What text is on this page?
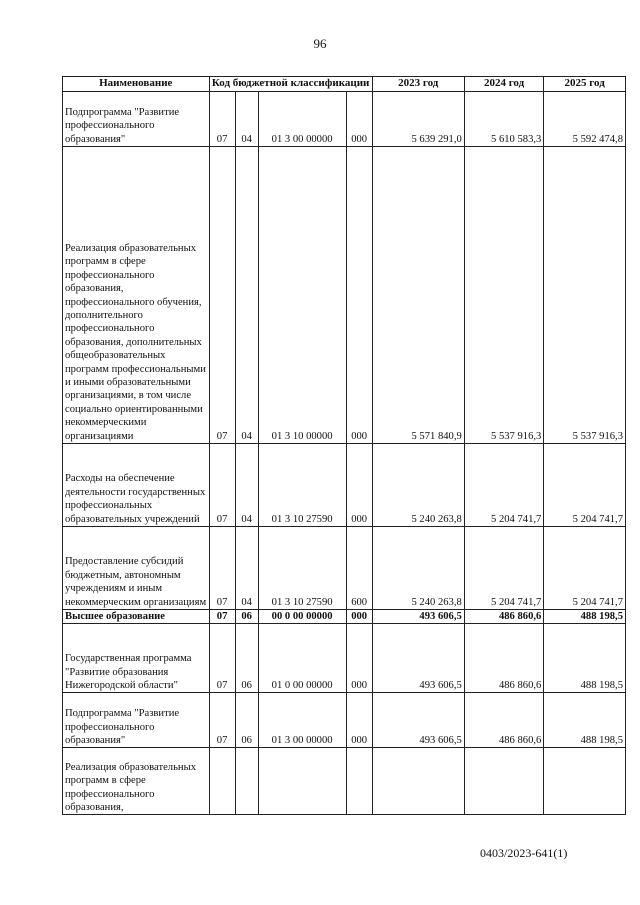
96
Наименование	Код бюджетной классификации				2023 год	2024 год	2025 год
Подпрограмма "Развитие профессионального образования"	07	04	01 3 00 00000	000	5 639 291,0	5 610 583,3	5 592 474,8
Реализация образовательных программ в сфере профессионального образования, профессионального обучения, дополнительного профессионального образования, дополнительных общеобразовательных программ профессиональными и иными образовательными организациями, в том числе социально ориентированными некоммерческими организациями	07	04	01 3 10 00000	000	5 571 840,9	5 537 916,3	5 537 916,3
Расходы на обеспечение деятельности государственных профессиональных образовательных учреждений	07	04	01 3 10 27590	000	5 240 263,8	5 204 741,7	5 204 741,7
Предоставление субсидий бюджетным, автономным учреждениям и иным некоммерческим организациям	07	04	01 3 10 27590	600	5 240 263,8	5 204 741,7	5 204 741,7
Высшее образование	07	06	00 0 00 00000	000	493 606,5	486 860,6	488 198,5
Государственная программа "Развитие образования Нижегородской области"	07	06	01 0 00 00000	000	493 606,5	486 860,6	488 198,5
Подпрограмма "Развитие профессионального образования"	07	06	01 3 00 00000	000	493 606,5	486 860,6	488 198,5
Реализация образовательных программ в сфере профессионального образования,							
0403/2023-641(1)
